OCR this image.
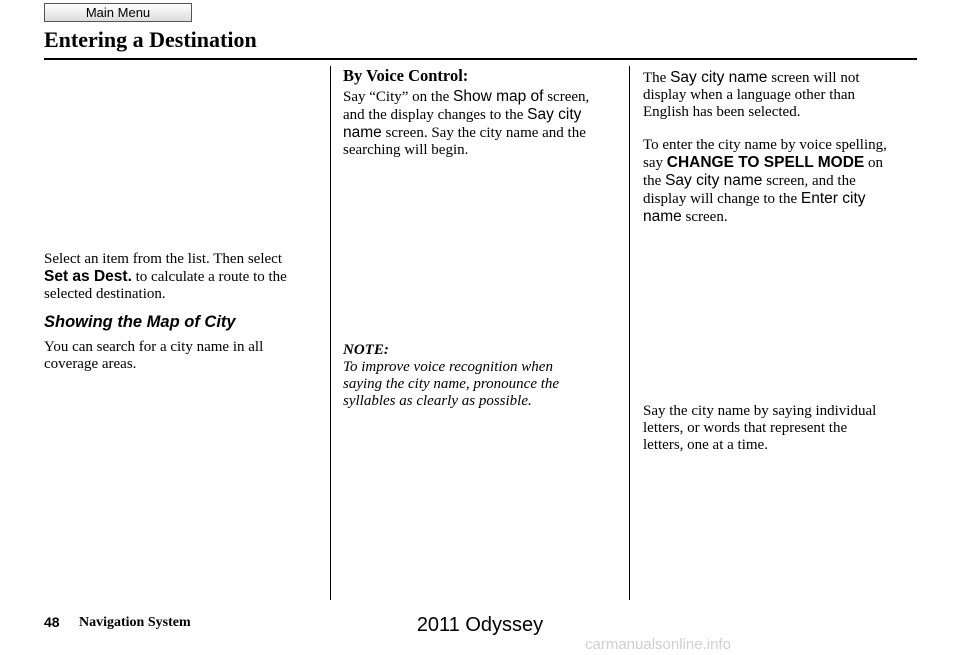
Main Menu
Entering a Destination

Select an item from the list. Then select

Set as Dest. to calculate a route to the

selected destination.

Showing the Map of City

You can search for a city name in all

coverage areas.

By Voice Control:

Say “City” on the Show map of screen,

and the display changes to the Say city

name screen. Say the city name and the

searching will begin.

NOTE:

To improve voice recognition when

saying the city name, pronounce the

syllables as clearly as possible.

The Say city name screen will not

display when a language other than

English has been selected.

To enter the city name by voice spelling,

say CHANGE TO SPELL MODE on

the Say city name screen, and the

display will change to the Enter city

name screen.

Say the city name by saying individual

letters, or words that represent the

letters, one at a time.

48 Navigation System	2011 Odyssey
carmanualsonline.info
